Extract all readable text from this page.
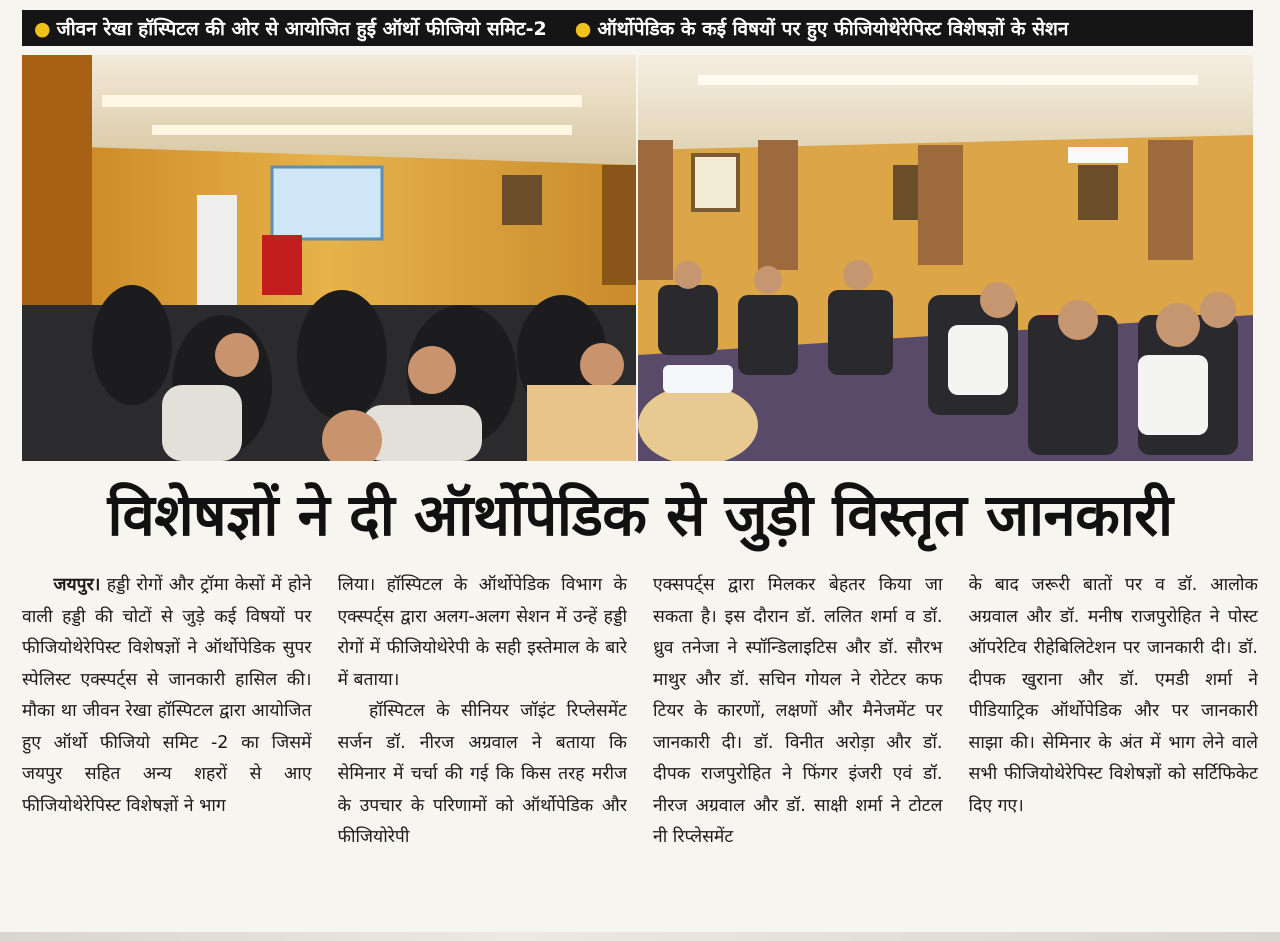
● जीवन रेखा हॉस्पिटल की ओर से आयोजित हुई ऑर्थो फीजियो समिट-2 ● ऑर्थोपेडिक के कई विषयों पर हुए फीजियोथेरेपिस्ट विशेषज्ञों के सेशन
विशेषज्ञों ने दी ऑर्थोपेडिक से जुड़ी विस्तृत जानकारी

जयपुर। हड्डी रोगों और ट्रॉमा केसों में होने वाली हड्डी की चोटों से जुड़े कई विषयों पर फीजियोथेरेपिस्ट विशेषज्ञों ने ऑर्थोपेडिक सुपर स्पेलिस्ट एक्स्पर्ट्स से जानकारी हासिल की। मौका था जीवन रेखा हॉस्पिटल द्वारा आयोजित हुए ऑर्थो फीजियो समिट -2 का जिसमें जयपुर सहित अन्य शहरों से आए फीजियोथेरेपिस्ट विशेषज्ञों ने भाग

लिया। हॉस्पिटल के ऑर्थोपेडिक विभाग के एक्स्पर्ट्स द्वारा अलग-अलग सेशन में उन्हें हड्डी रोगों में फीजियोथेरेपी के सही इस्तेमाल के बारे में बताया।

हॉस्पिटल के सीनियर जॉइंट रिप्लेसमेंट सर्जन डॉ. नीरज अग्रवाल ने बताया कि सेमिनार में चर्चा की गई कि किस तरह मरीज के उपचार के परिणामों को ऑर्थोपेडिक और फीजियोरेपी

एक्सपर्ट्स द्वारा मिलकर बेहतर किया जा सकता है। इस दौरान डॉ. ललित शर्मा व डॉ. ध्रुव तनेजा ने स्पॉन्डिलाइटिस और डॉ. सौरभ माथुर और डॉ. सचिन गोयल ने रोटेटर कफ टियर के कारणों, लक्षणों और मैनेजमेंट पर जानकारी दी। डॉ. विनीत अरोड़ा और डॉ. दीपक राजपुरोहित ने फिंगर इंजरी एवं डॉ. नीरज अग्रवाल और डॉ. साक्षी शर्मा ने टोटल नी रिप्लेसमेंट

के बाद जरूरी बातों पर व डॉ. आलोक अग्रवाल और डॉ. मनीष राजपुरोहित ने पोस्ट ऑपरेटिव रीहेबिलिटेशन पर जानकारी दी। डॉ. दीपक खुराना और डॉ. एमडी शर्मा ने पीडियाट्रिक ऑर्थोपेडिक और पर जानकारी साझा की। सेमिनार के अंत में भाग लेने वाले सभी फीजियोथेरेपिस्ट विशेषज्ञों को सर्टिफिकेट दिए गए।
